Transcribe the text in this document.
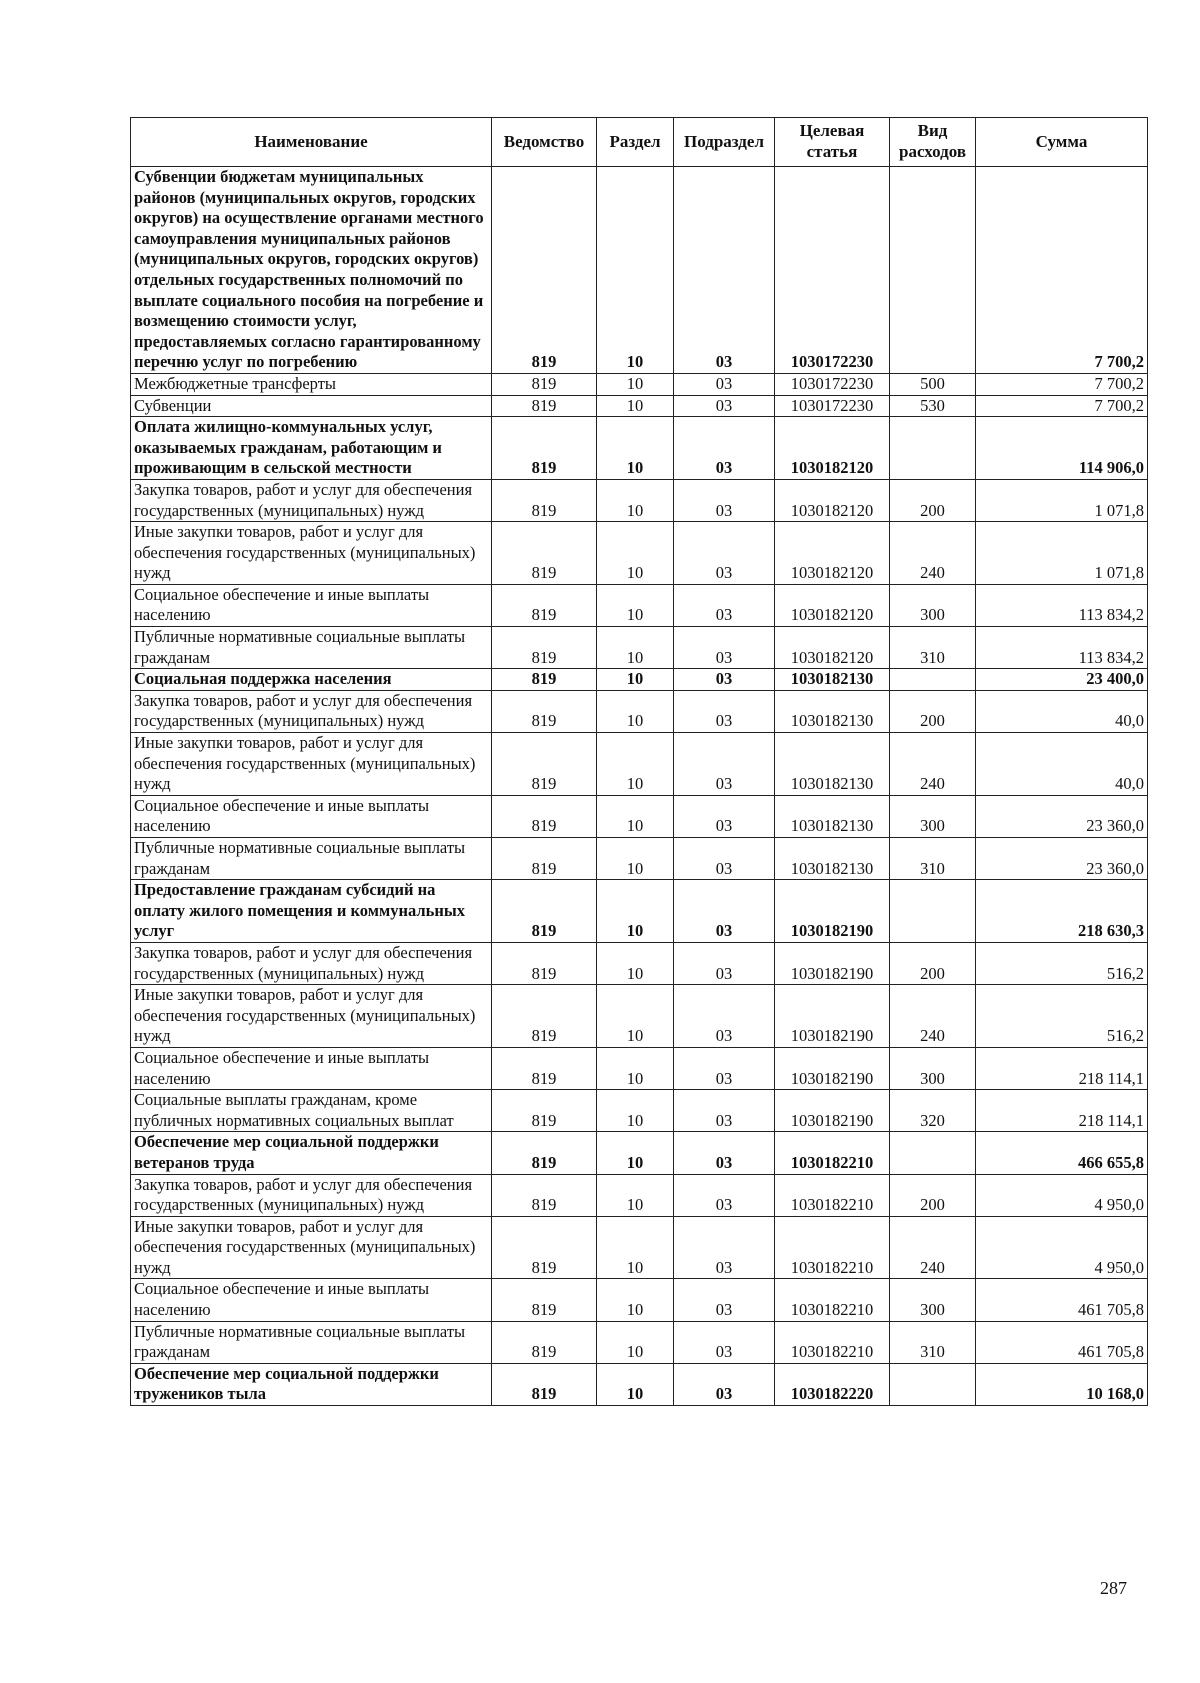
Наименование	Ведомство	Раздел	Подраздел	Целевая статья	Вид расходов	Сумма
Субвенции бюджетам муниципальных районов (муниципальных округов, городских округов) на осуществление органами местного самоуправления муниципальных районов (муниципальных округов, городских округов) отдельных государственных полномочий по выплате социального пособия на погребение и возмещению стоимости услуг, предоставляемых согласно гарантированному перечню услуг по погребению	819	10	03	1030172230		7 700,2
Межбюджетные трансферты	819	10	03	1030172230	500	7 700,2
Субвенции	819	10	03	1030172230	530	7 700,2
Оплата жилищно-коммунальных услуг, оказываемых гражданам, работающим и проживающим в сельской местности	819	10	03	1030182120		114 906,0
Закупка товаров, работ и услуг для обеспечения государственных (муниципальных) нужд	819	10	03	1030182120	200	1 071,8
Иные закупки товаров, работ и услуг для обеспечения государственных (муниципальных) нужд	819	10	03	1030182120	240	1 071,8
Социальное обеспечение и иные выплаты населению	819	10	03	1030182120	300	113 834,2
Публичные нормативные социальные выплаты гражданам	819	10	03	1030182120	310	113 834,2
Социальная поддержка населения	819	10	03	1030182130		23 400,0
Закупка товаров, работ и услуг для обеспечения государственных (муниципальных) нужд	819	10	03	1030182130	200	40,0
Иные закупки товаров, работ и услуг для обеспечения государственных (муниципальных) нужд	819	10	03	1030182130	240	40,0
Социальное обеспечение и иные выплаты населению	819	10	03	1030182130	300	23 360,0
Публичные нормативные социальные выплаты гражданам	819	10	03	1030182130	310	23 360,0
Предоставление гражданам субсидий на оплату жилого помещения и коммунальных услуг	819	10	03	1030182190		218 630,3
Закупка товаров, работ и услуг для обеспечения государственных (муниципальных) нужд	819	10	03	1030182190	200	516,2
Иные закупки товаров, работ и услуг для обеспечения государственных (муниципальных) нужд	819	10	03	1030182190	240	516,2
Социальное обеспечение и иные выплаты населению	819	10	03	1030182190	300	218 114,1
Социальные выплаты гражданам, кроме публичных нормативных социальных выплат	819	10	03	1030182190	320	218 114,1
Обеспечение мер социальной поддержки ветеранов труда	819	10	03	1030182210		466 655,8
Закупка товаров, работ и услуг для обеспечения государственных (муниципальных) нужд	819	10	03	1030182210	200	4 950,0
Иные закупки товаров, работ и услуг для обеспечения государственных (муниципальных) нужд	819	10	03	1030182210	240	4 950,0
Социальное обеспечение и иные выплаты населению	819	10	03	1030182210	300	461 705,8
Публичные нормативные социальные выплаты гражданам	819	10	03	1030182210	310	461 705,8
Обеспечение мер социальной поддержки тружеников тыла	819	10	03	1030182220		10 168,0
287
